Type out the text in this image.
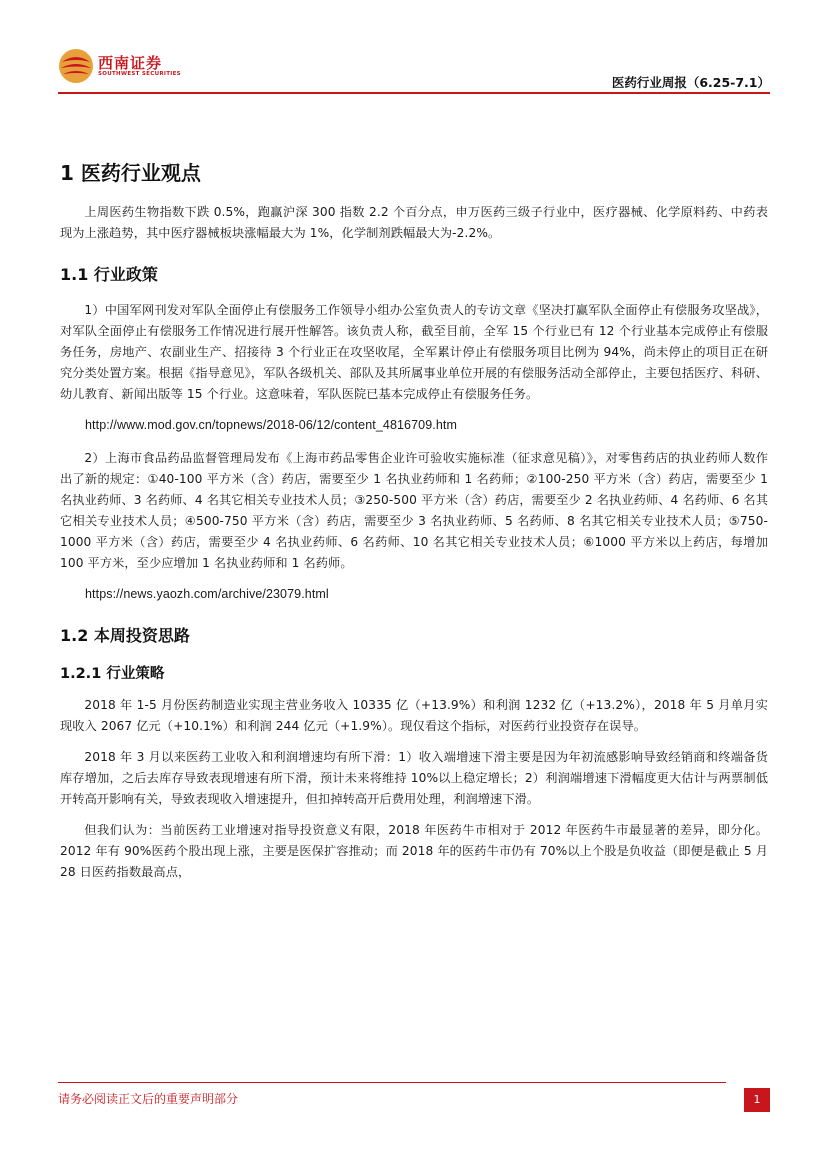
西南证券
SOUTHWEST SECURITIES
医药行业周报（6.25-7.1）
1 医药行业观点

上周医药生物指数下跌 0.5%，跑赢沪深 300 指数 2.2 个百分点，申万医药三级子行业中，医疗器械、化学原料药、中药表现为上涨趋势，其中医疗器械板块涨幅最大为 1%，化学制剂跌幅最大为-2.2%。

1.1 行业政策

1）中国军网刊发对军队全面停止有偿服务工作领导小组办公室负责人的专访文章《坚决打赢军队全面停止有偿服务攻坚战》，对军队全面停止有偿服务工作情况进行展开性解答。该负责人称，截至目前，全军 15 个行业已有 12 个行业基本完成停止有偿服务任务，房地产、农副业生产、招接待 3 个行业正在攻坚收尾，全军累计停止有偿服务项目比例为 94%，尚未停止的项目正在研究分类处置方案。根据《指导意见》，军队各级机关、部队及其所属事业单位开展的有偿服务活动全部停止，主要包括医疗、科研、幼儿教育、新闻出版等 15 个行业。这意味着，军队医院已基本完成停止有偿服务任务。

http://www.mod.gov.cn/topnews/2018-06/12/content_4816709.htm

2）上海市食品药品监督管理局发布《上海市药品零售企业许可验收实施标准（征求意见稿）》，对零售药店的执业药师人数作出了新的规定：①40-100 平方米（含）药店，需要至少 1 名执业药师和 1 名药师；②100-250 平方米（含）药店，需要至少 1 名执业药师、3 名药师、4 名其它相关专业技术人员；③250-500 平方米（含）药店，需要至少 2 名执业药师、4 名药师、6 名其它相关专业技术人员；④500-750 平方米（含）药店，需要至少 3 名执业药师、5 名药师、8 名其它相关专业技术人员；⑤750-1000 平方米（含）药店，需要至少 4 名执业药师、6 名药师、10 名其它相关专业技术人员；⑥1000 平方米以上药店，每增加 100 平方米，至少应增加 1 名执业药师和 1 名药师。

https://news.yaozh.com/archive/23079.html

1.2 本周投资思路
1.2.1 行业策略

2018 年 1-5 月份医药制造业实现主营业务收入 10335 亿（+13.9%）和利润 1232 亿（+13.2%），2018 年 5 月单月实现收入 2067 亿元（+10.1%）和利润 244 亿元（+1.9%）。现仅看这个指标，对医药行业投资存在误导。

2018 年 3 月以来医药工业收入和利润增速均有所下滑：1）收入端增速下滑主要是因为年初流感影响导致经销商和终端备货库存增加，之后去库存导致表现增速有所下滑，预计未来将维持 10%以上稳定增长；2）利润端增速下滑幅度更大估计与两票制低开转高开影响有关，导致表现收入增速提升，但扣掉转高开后费用处理，利润增速下滑。

但我们认为：当前医药工业增速对指导投资意义有限，2018 年医药牛市相对于 2012 年医药牛市最显著的差异，即分化。2012 年有 90%医药个股出现上涨，主要是医保扩容推动；而 2018 年的医药牛市仍有 70%以上个股是负收益（即便是截止 5 月 28 日医药指数最高点，

请务必阅读正文后的重要声明部分	1
